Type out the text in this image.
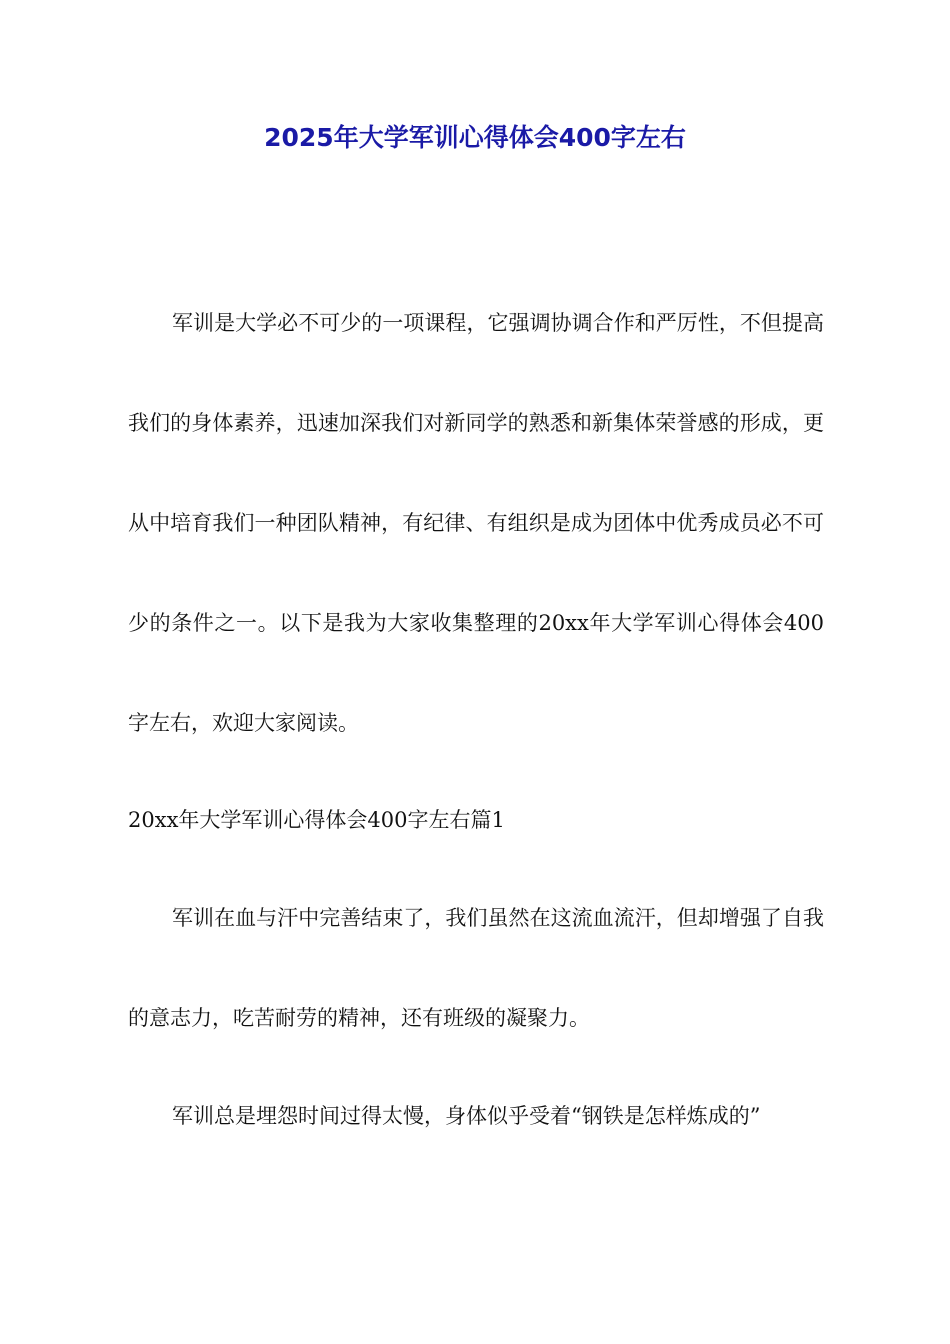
2025年大学军训心得体会400字左右

军训是大学必不可少的一项课程，它强调协调合作和严厉性，不但提高我们的身体素养，迅速加深我们对新同学的熟悉和新集体荣誉感的形成，更从中培育我们一种团队精神，有纪律、有组织是成为团体中优秀成员必不可少的条件之一。以下是我为大家收集整理的20xx年大学军训心得体会400字左右，欢迎大家阅读。

20xx年大学军训心得体会400字左右篇1

军训在血与汗中完善结束了，我们虽然在这流血流汗，但却增强了自我的意志力，吃苦耐劳的精神，还有班级的凝聚力。

军训总是埋怨时间过得太慢，身体似乎受着“钢铁是怎样炼成的”
